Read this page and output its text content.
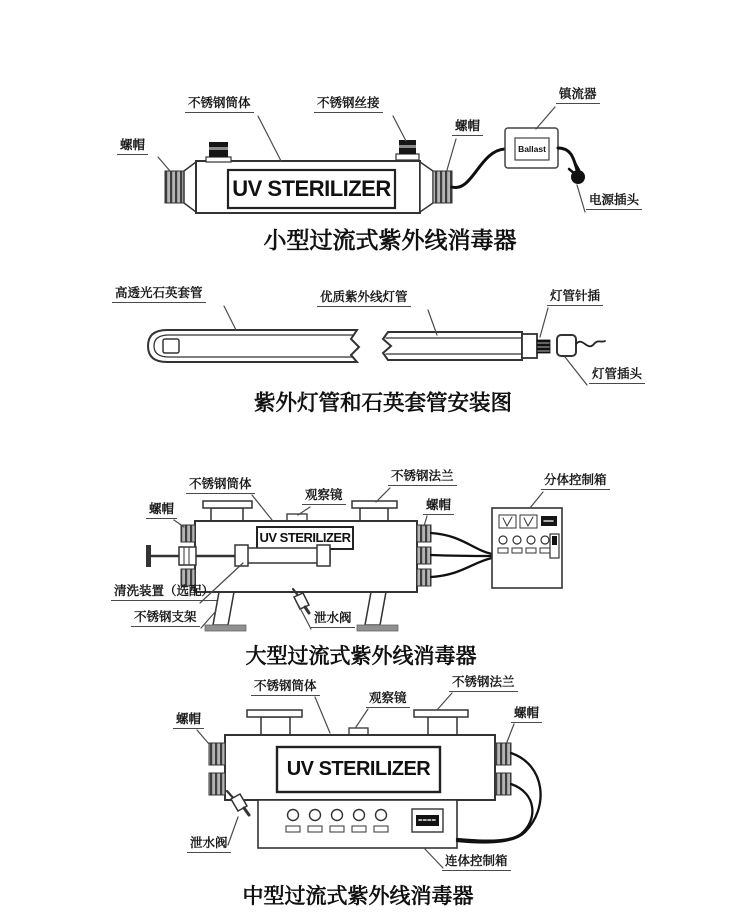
螺帽
不锈钢筒体	不锈钢丝接
镇流器
螺帽
电源插头
UV STERILIZER
Ballast
小型过流式紫外线消毒器
高透光石英套管	优质紫外线灯管	灯管针插
灯管插头
紫外灯管和石英套管安装图
螺帽
不锈钢筒体
观察镜
不锈钢法兰	分体控制箱
螺帽
清洗装置（选配）
不锈钢支架	泄水阀
UV STERILIZER
大型过流式紫外线消毒器
螺帽
不锈钢筒体
观察镜
不锈钢法兰
螺帽
泄水阀
连体控制箱
UV STERILIZER
中型过流式紫外线消毒器
